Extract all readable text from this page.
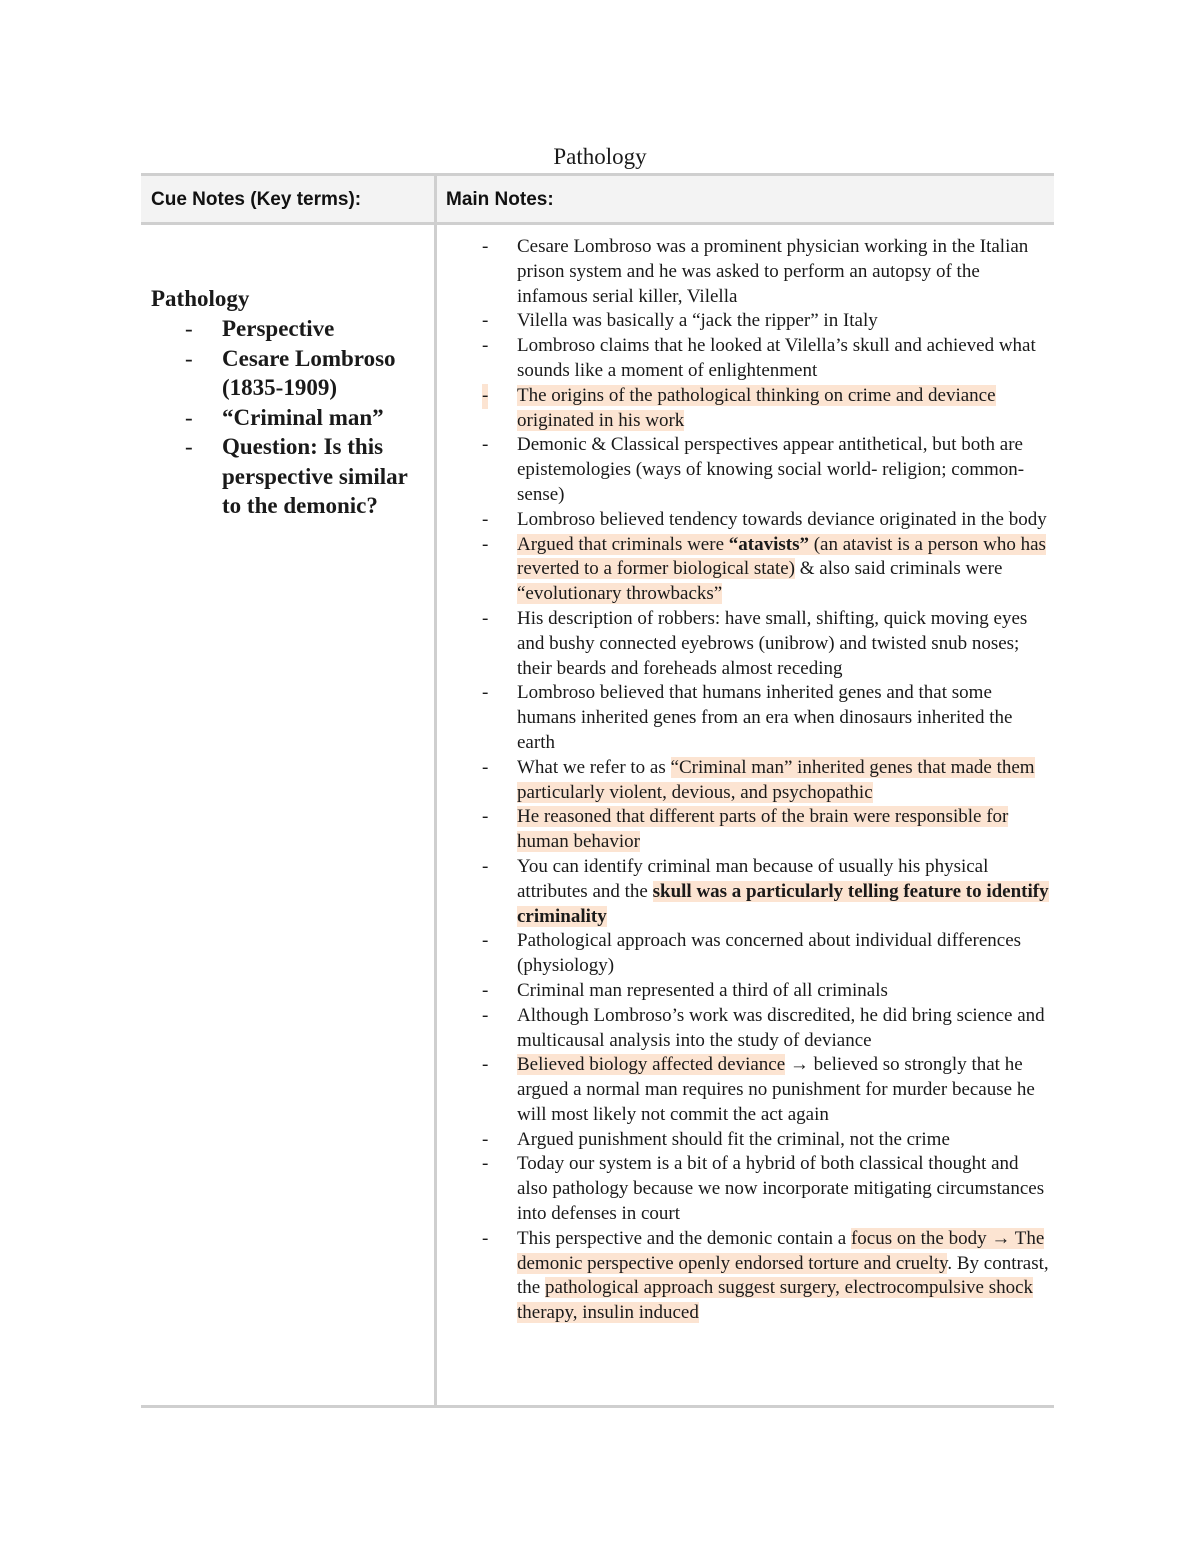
Pathology
Cue Notes (Key terms):	Main Notes:
Pathology
- Perspective
- Cesare Lombroso (1835-1909)
- “Criminal man”
- Question: Is this perspective similar to the demonic?
- Cesare Lombroso was a prominent physician working in the Italian prison system and he was asked to perform an autopsy of the infamous serial killer, Vilella
- Vilella was basically a “jack the ripper” in Italy
- Lombroso claims that he looked at Vilella’s skull and achieved what sounds like a moment of enlightenment
- The origins of the pathological thinking on crime and deviance originated in his work
- Demonic & Classical perspectives appear antithetical, but both are epistemologies (ways of knowing social world- religion; common-sense)
- Lombroso believed tendency towards deviance originated in the body
- Argued that criminals were “atavists” (an atavist is a person who has reverted to a former biological state) & also said criminals were “evolutionary throwbacks”
- His description of robbers: have small, shifting, quick moving eyes and bushy connected eyebrows (unibrow) and twisted snub noses; their beards and foreheads almost receding
- Lombroso believed that humans inherited genes and that some humans inherited genes from an era when dinosaurs inherited the earth
- What we refer to as “Criminal man” inherited genes that made them particularly violent, devious, and psychopathic
- He reasoned that different parts of the brain were responsible for human behavior
- You can identify criminal man because of usually his physical attributes and the skull was a particularly telling feature to identify criminality
- Pathological approach was concerned about individual differences (physiology)
- Criminal man represented a third of all criminals
- Although Lombroso’s work was discredited, he did bring science and multicausal analysis into the study of deviance
- Believed biology affected deviance → believed so strongly that he argued a normal man requires no punishment for murder because he will most likely not commit the act again
- Argued punishment should fit the criminal, not the crime
- Today our system is a bit of a hybrid of both classical thought and also pathology because we now incorporate mitigating circumstances into defenses in court
- This perspective and the demonic contain a focus on the body → The demonic perspective openly endorsed torture and cruelty. By contrast, the pathological approach suggest surgery, electrocompulsive shock therapy, insulin induced
